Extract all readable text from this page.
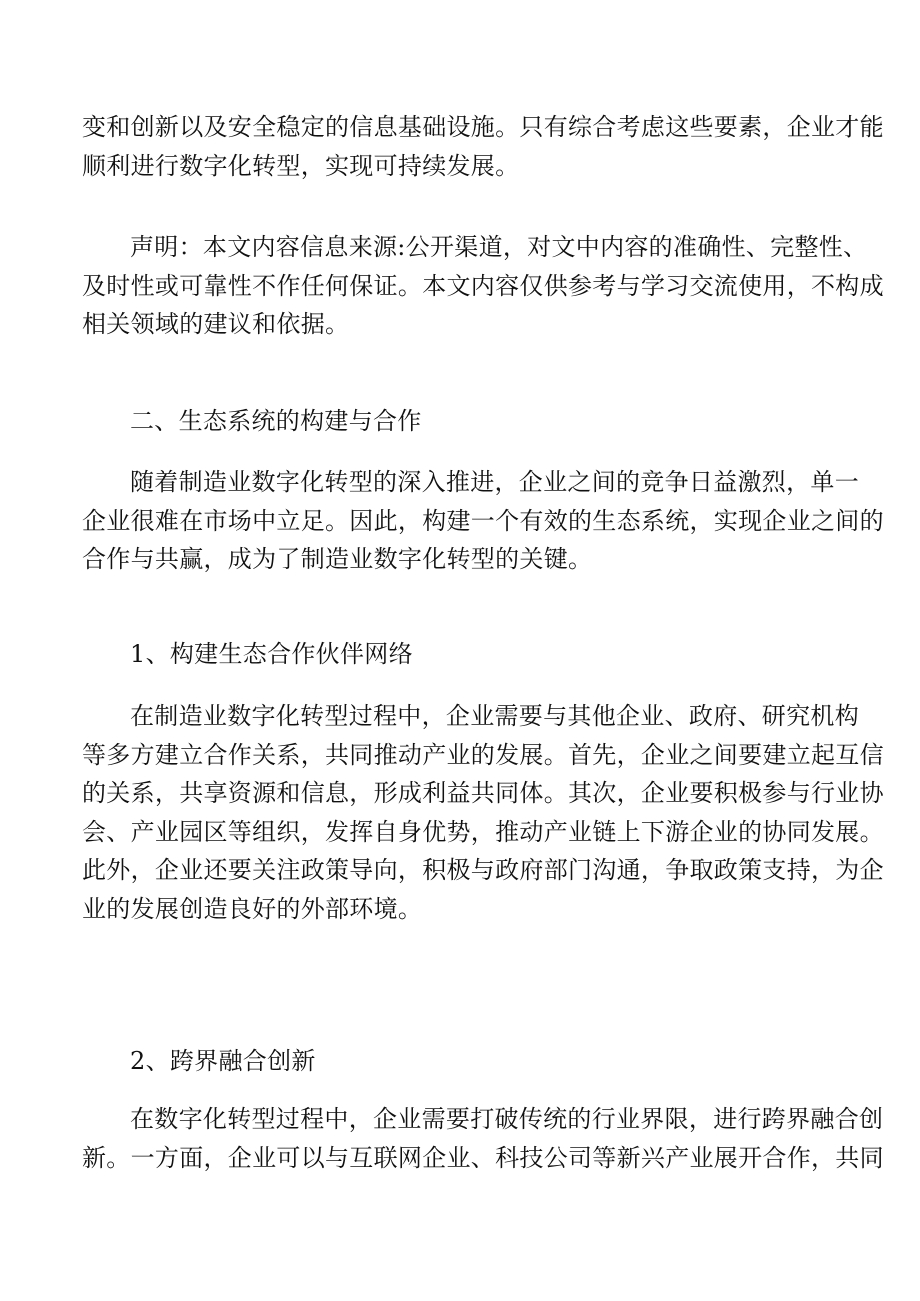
变和创新以及安全稳定的信息基础设施。只有综合考虑这些要素，企业才能
顺利进行数字化转型，实现可持续发展。
声明：本文内容信息来源:公开渠道，对文中内容的准确性、完整性、
及时性或可靠性不作任何保证。本文内容仅供参考与学习交流使用，不构成
相关领域的建议和依据。
二、生态系统的构建与合作
随着制造业数字化转型的深入推进，企业之间的竞争日益激烈，单一
企业很难在市场中立足。因此，构建一个有效的生态系统，实现企业之间的
合作与共赢，成为了制造业数字化转型的关键。
1、构建生态合作伙伴网络
在制造业数字化转型过程中，企业需要与其他企业、政府、研究机构
等多方建立合作关系，共同推动产业的发展。首先，企业之间要建立起互信
的关系，共享资源和信息，形成利益共同体。其次，企业要积极参与行业协
会、产业园区等组织，发挥自身优势，推动产业链上下游企业的协同发展。
此外，企业还要关注政策导向，积极与政府部门沟通，争取政策支持，为企
业的发展创造良好的外部环境。
2、跨界融合创新
在数字化转型过程中，企业需要打破传统的行业界限，进行跨界融合创
新。一方面，企业可以与互联网企业、科技公司等新兴产业展开合作，共同
